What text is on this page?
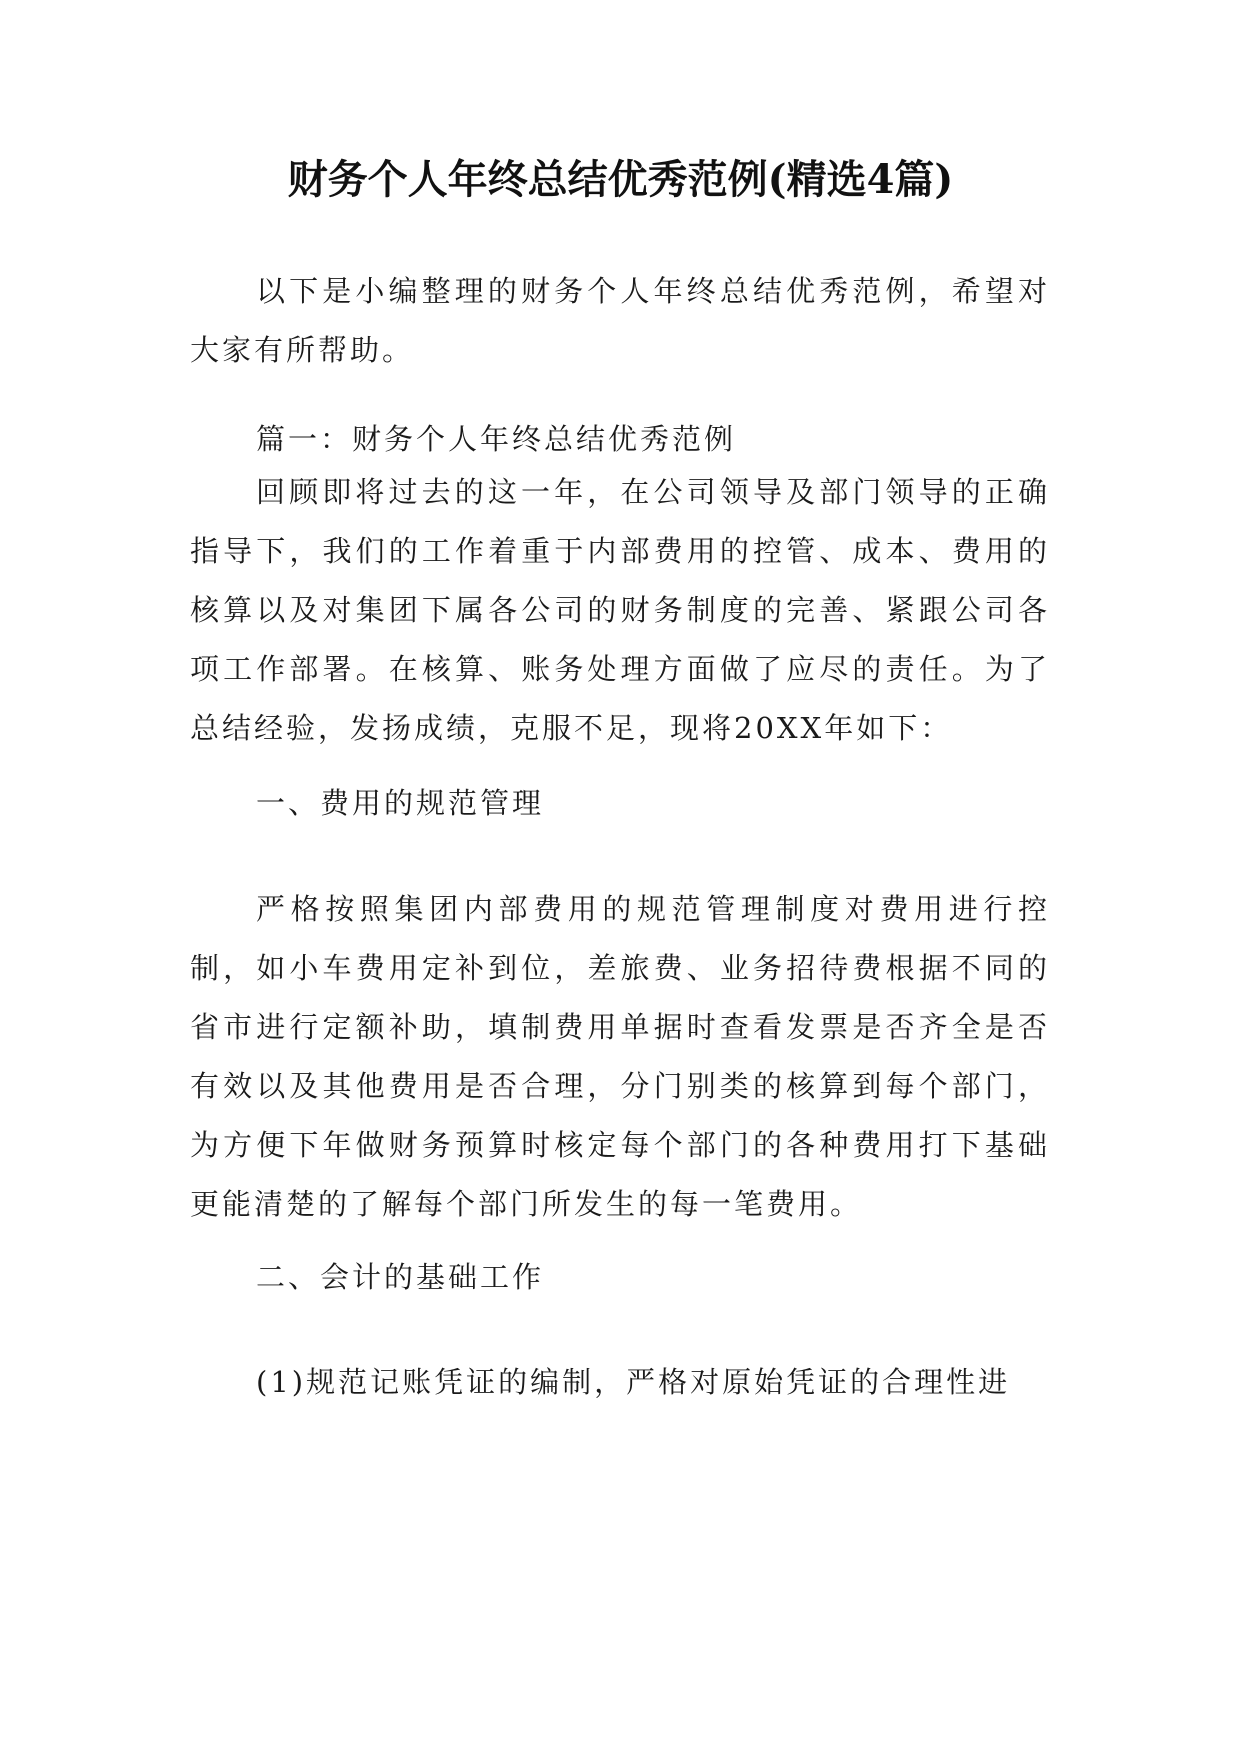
财务个人年终总结优秀范例(精选4篇)

以下是小编整理的财务个人年终总结优秀范例，希望对大家有所帮助。

篇一：财务个人年终总结优秀范例

回顾即将过去的这一年，在公司领导及部门领导的正确指导下，我们的工作着重于内部费用的控管、成本、费用的核算以及对集团下属各公司的财务制度的完善、紧跟公司各项工作部署。在核算、账务处理方面做了应尽的责任。为了总结经验，发扬成绩，克服不足，现将20XX年如下：

一、费用的规范管理

严格按照集团内部费用的规范管理制度对费用进行控制，如小车费用定补到位，差旅费、业务招待费根据不同的省市进行定额补助，填制费用单据时查看发票是否齐全是否有效以及其他费用是否合理，分门别类的核算到每个部门，为方便下年做财务预算时核定每个部门的各种费用打下基础更能清楚的了解每个部门所发生的每一笔费用。

二、会计的基础工作

(1)规范记账凭证的编制，严格对原始凭证的合理性进
